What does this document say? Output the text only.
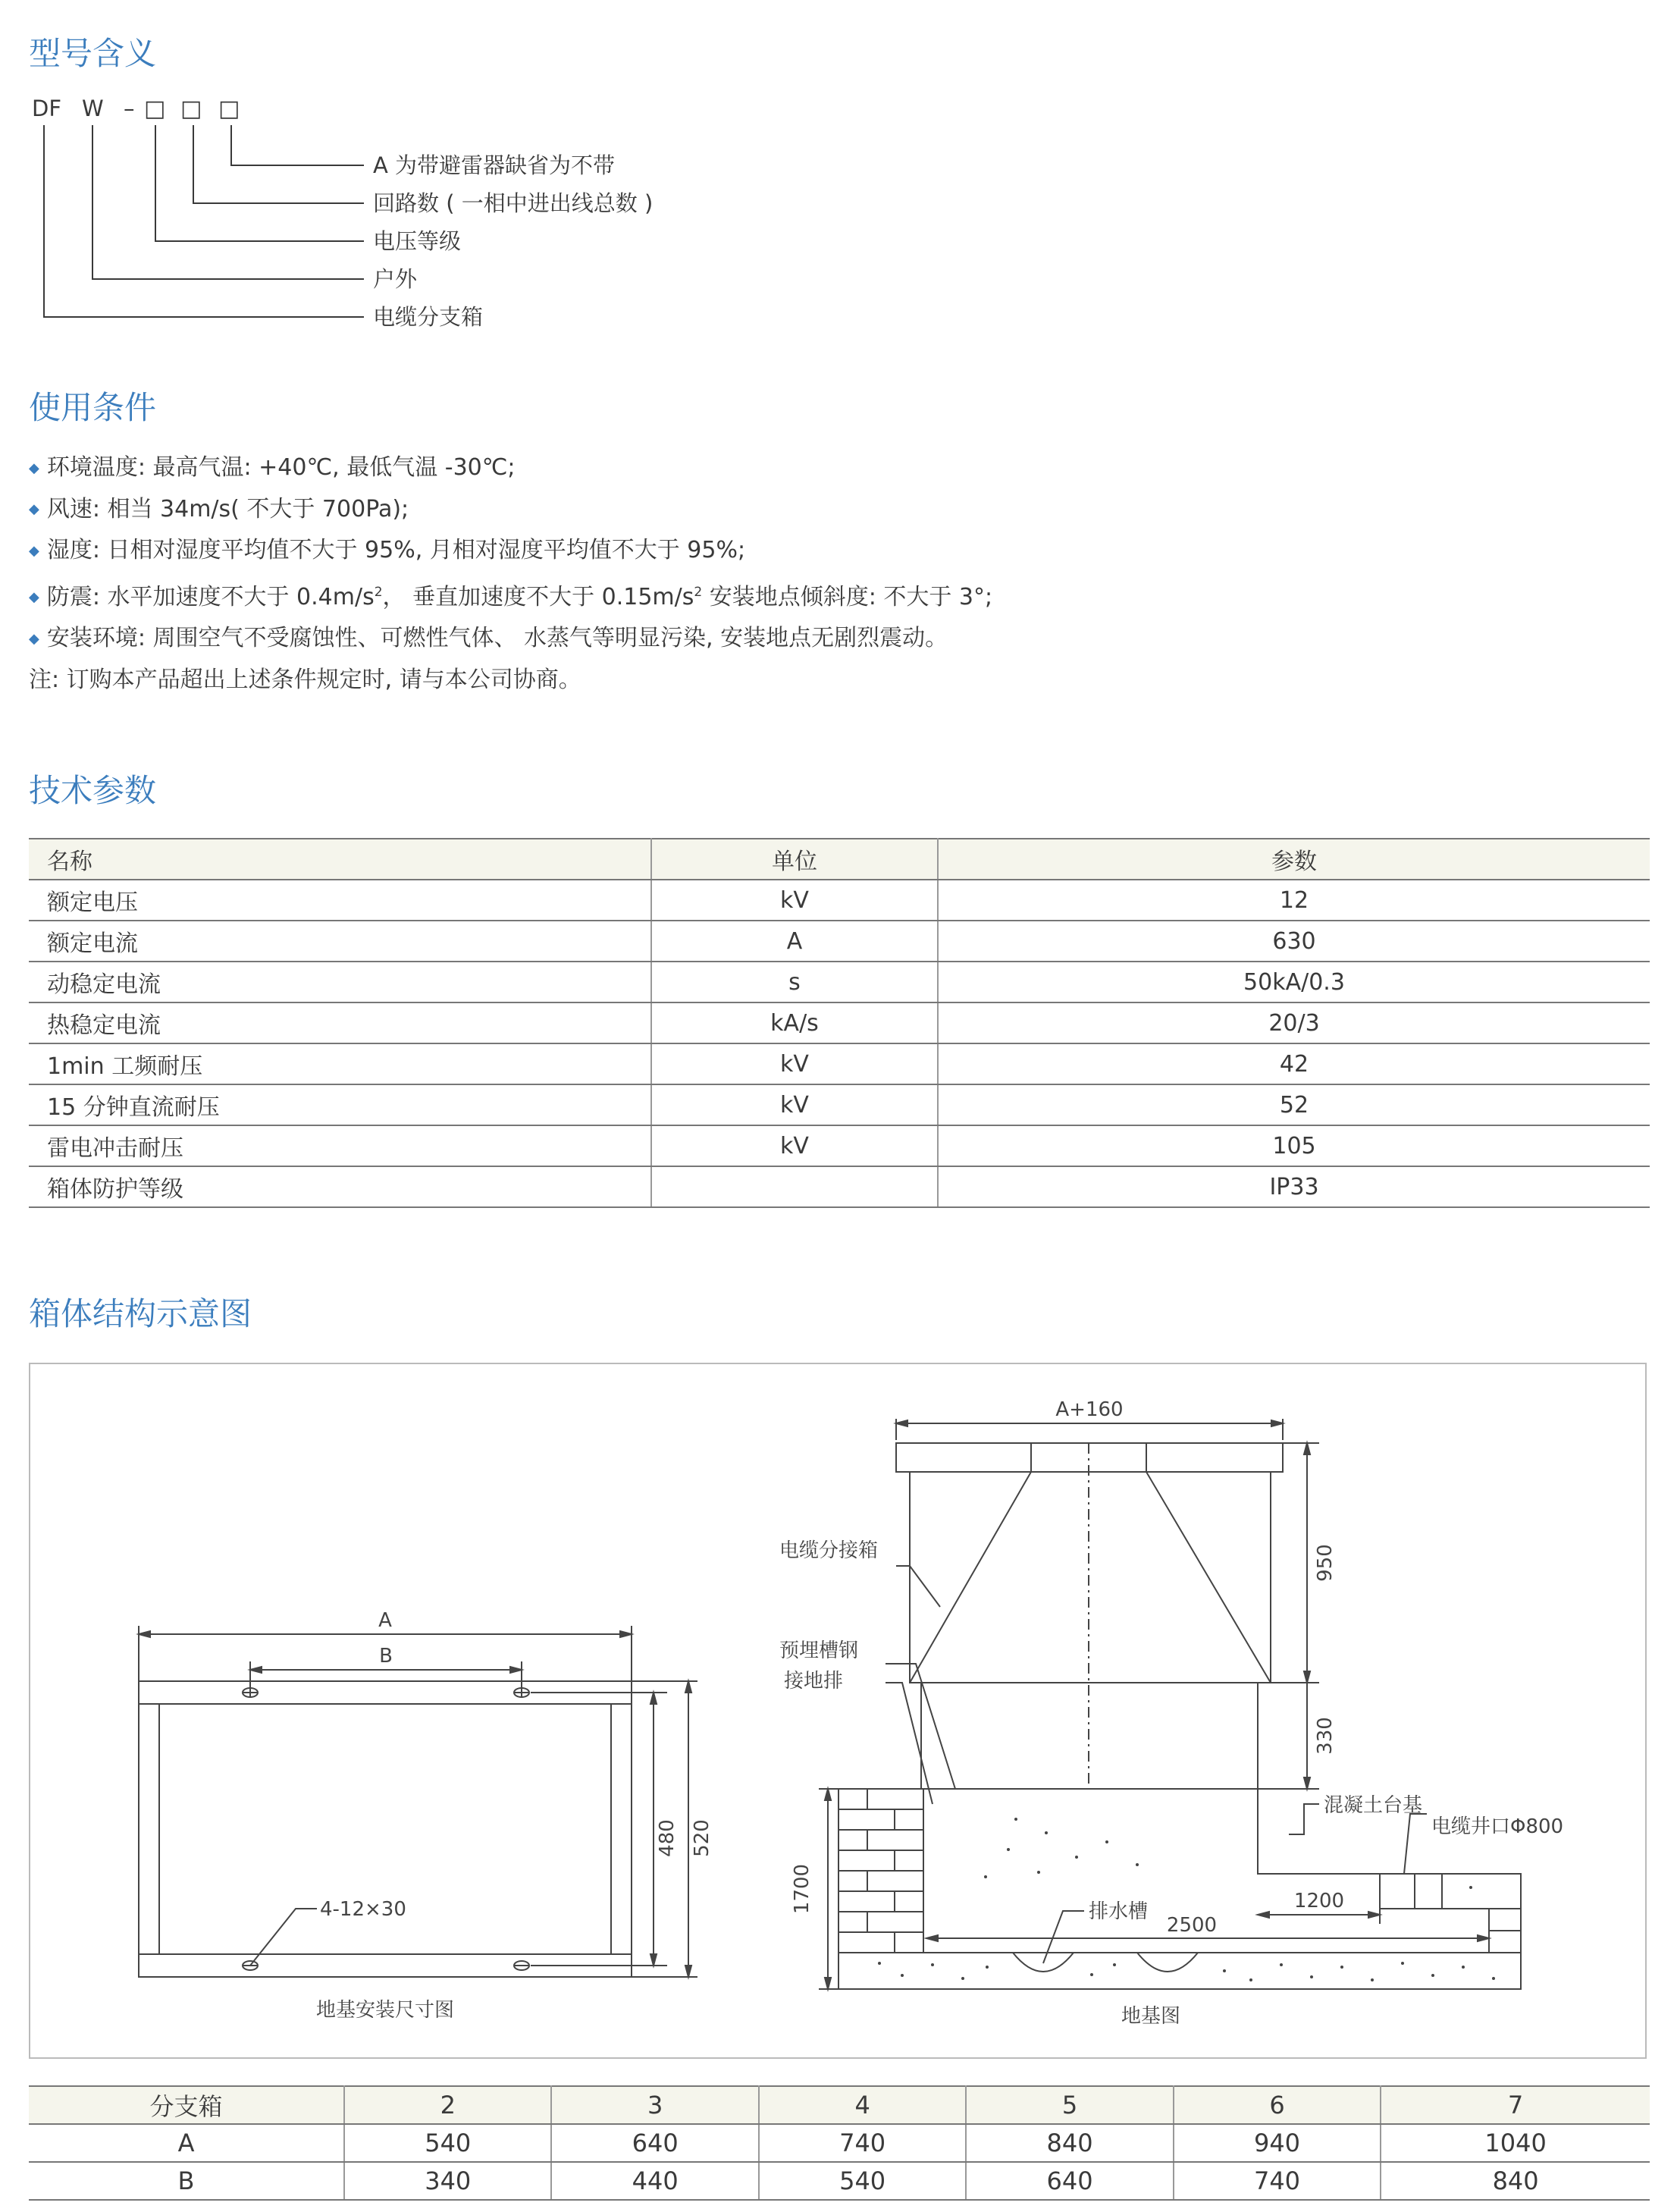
型号含义
DF W – □ □ □
A 为带避雷器缺省为不带
回路数 ( 一相中进出线总数 )
电压等级
户外
电缆分支箱
使用条件
◆ 环境温度: 最高气温: +40℃, 最低气温 -30℃;
◆ 风速: 相当 34m/s( 不大于 700Pa);
◆ 湿度: 日相对湿度平均值不大于 95%, 月相对湿度平均值不大于 95%;
◆ 防震: 水平加速度不大于 $0.4m/s^2$， 垂直加速度不大于 $0.15m/s^2$ 安装地点倾斜度: 不大于 3°;
◆ 安装环境: 周围空气不受腐蚀性、可燃性气体、 水蒸气等明显污染, 安装地点无剧烈震动。
注: 订购本产品超出上述条件规定时, 请与本公司协商。
技术参数
名称	单位	参数
额定电压	kV	12
额定电流	A	630
动稳定电流	s	50kA/0.3
热稳定电流	kA/s	20/3
1min 工频耐压	kV	42
15 分钟直流耐压	kV	52
雷电冲击耐压	kV	105
箱体防护等级		IP33
箱体结构示意图
A
B
480 520
4-12×30
地基安装尺寸图
A+160
950
330
1700
2500
1200
电缆分接箱
预埋槽钢
接地排
混凝土台基
电缆井口Φ800
排水槽
地基图
分支箱	2	3	4	5	6	7
A	540	640	740	840	940	1040
B	340	440	540	640	740	840
